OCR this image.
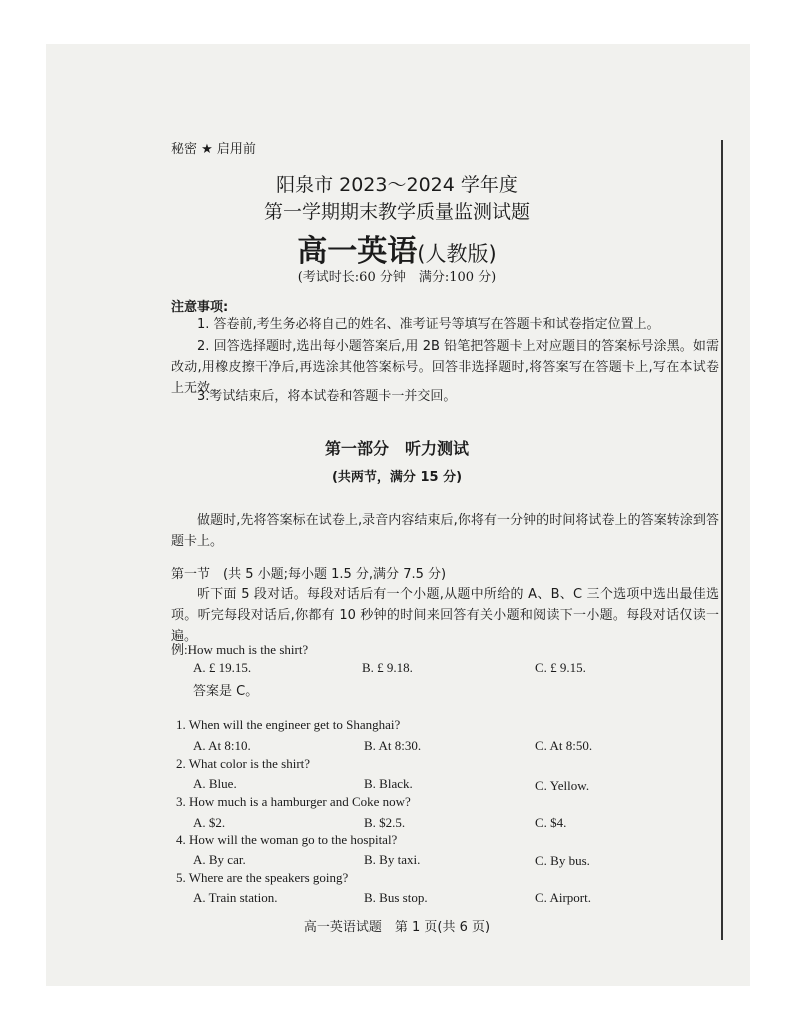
秘密 ★ 启用前
阳泉市 2023～2024 学年度
第一学期期末教学质量监测试题
高一英语(人教版)
(考试时长:60 分钟　满分:100 分)
注意事项:
1. 答卷前,考生务必将自己的姓名、准考证号等填写在答题卡和试卷指定位置上。
2. 回答选择题时,选出每小题答案后,用 2B 铅笔把答题卡上对应题目的答案标号涂黑。如需改动,用橡皮擦干净后,再选涂其他答案标号。回答非选择题时,将答案写在答题卡上,写在本试卷上无效。
3.考试结束后，将本试卷和答题卡一并交回。
第一部分　听力测试
(共两节，满分 15 分)
做题时,先将答案标在试卷上,录音内容结束后,你将有一分钟的时间将试卷上的答案转涂到答题卡上。
第一节　(共 5 小题;每小题 1.5 分,满分 7.5 分)
听下面 5 段对话。每段对话后有一个小题,从题中所给的 A、B、C 三个选项中选出最佳选项。听完每段对话后,你都有 10 秒钟的时间来回答有关小题和阅读下一小题。每段对话仅读一遍。
例:How much is the shirt?
A. £ 19.15.	B. £ 9.18.	C. £ 9.15.
答案是 C。
1. When will the engineer get to Shanghai?
A. At 8:10.	B. At 8:30.	C. At 8:50.
2. What color is the shirt?
A. Blue.	B. Black.	C. Yellow.
3. How much is a hamburger and Coke now?
A. $2.	B. $2.5.	C. $4.
4. How will the woman go to the hospital?
A. By car.	B. By taxi.	C. By bus.
5. Where are the speakers going?
A. Train station.	B. Bus stop.	C. Airport.
高一英语试题　第 1 页(共 6 页)
